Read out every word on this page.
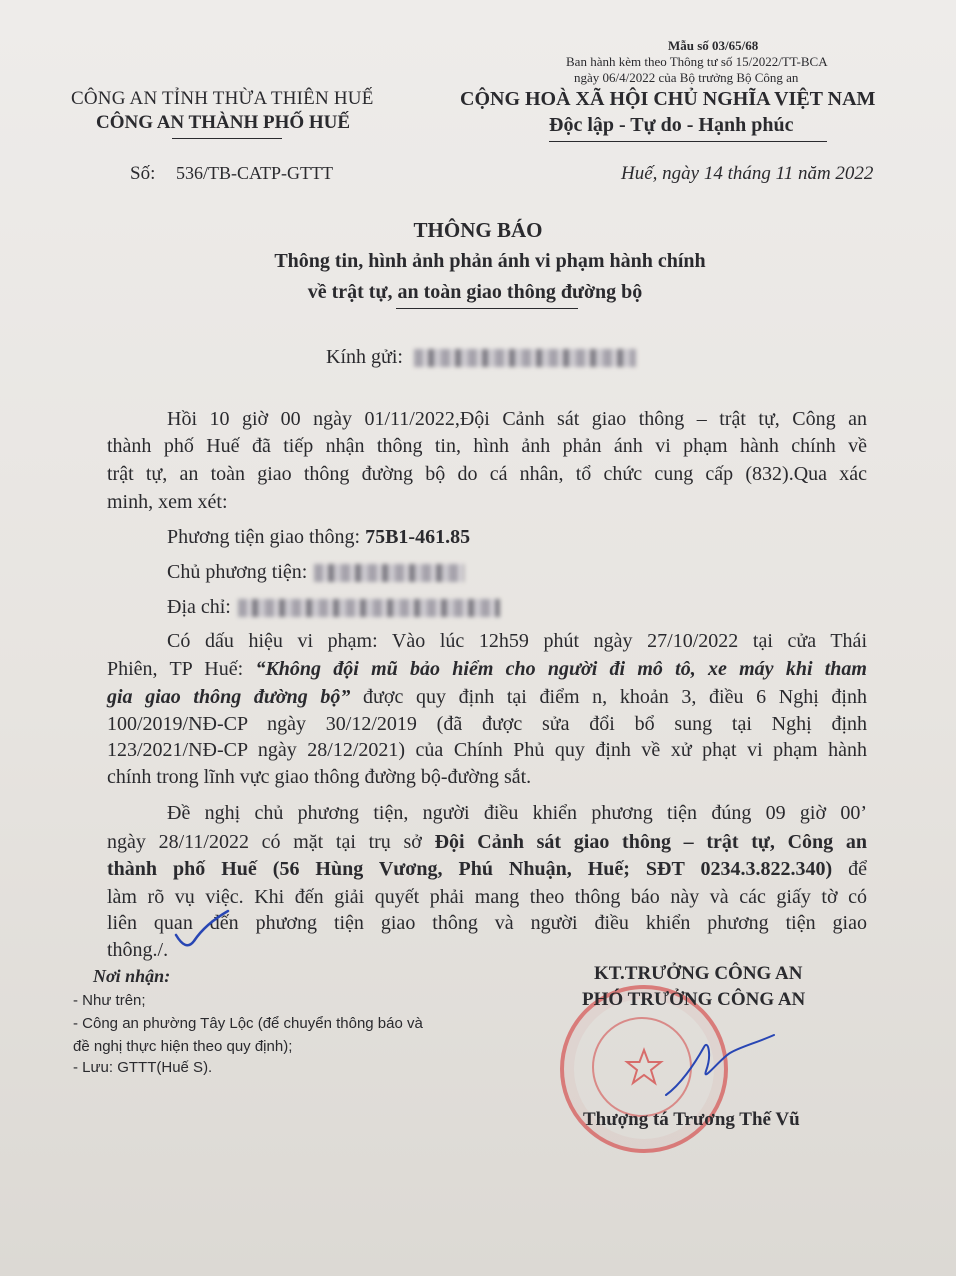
Mẫu số 03/65/68
Ban hành kèm theo Thông tư số 15/2022/TT-BCA
ngày 06/4/2022 của Bộ trưởng Bộ Công an
CÔNG AN TỈNH THỪA THIÊN HUẾ
CÔNG AN THÀNH PHỐ HUẾ
CỘNG HOÀ XÃ HỘI CHỦ NGHĨA VIỆT NAM
Độc lập - Tự do - Hạnh phúc
Số: 536/TB-CATP-GTTT	Huế, ngày 14 tháng 11 năm 2022
THÔNG BÁO
Thông tin, hình ảnh phản ánh vi phạm hành chính
về trật tự, an toàn giao thông đường bộ
Kính gửi:
Hồi 10 giờ 00 ngày 01/11/2022,Đội Cảnh sát giao thông – trật tự, Công an
thành phố Huế đã tiếp nhận thông tin, hình ảnh phản ánh vi phạm hành chính về
trật tự, an toàn giao thông đường bộ do cá nhân, tổ chức cung cấp (832).Qua xác
minh, xem xét:
Phương tiện giao thông: 75B1-461.85
Chủ phương tiện:
Địa chỉ:
Có dấu hiệu vi phạm: Vào lúc 12h59 phút ngày 27/10/2022 tại cửa Thái
Phiên, TP Huế: “Không đội mũ bảo hiểm cho người đi mô tô, xe máy khi tham
gia giao thông đường bộ” được quy định tại điểm n, khoản 3, điều 6 Nghị định
100/2019/NĐ-CP ngày 30/12/2019 (đã được sửa đổi bổ sung tại Nghị định
123/2021/NĐ-CP ngày 28/12/2021) của Chính Phủ quy định về xử phạt vi phạm hành
chính trong lĩnh vực giao thông đường bộ-đường sắt.
Đề nghị chủ phương tiện, người điều khiển phương tiện đúng 09 giờ 00’
ngày 28/11/2022 có mặt tại trụ sở Đội Cảnh sát giao thông – trật tự, Công an
thành phố Huế (56 Hùng Vương, Phú Nhuận, Huế; SĐT 0234.3.822.340) để
làm rõ vụ việc. Khi đến giải quyết phải mang theo thông báo này và các giấy tờ có
liên quan đến phương tiện giao thông và người điều khiển phương tiện giao
thông./.
Nơi nhận:
- Như trên;
- Công an phường Tây Lộc (để chuyển thông báo và
đề nghị thực hiện theo quy định);
- Lưu: GTTT(Huế S).
KT.TRƯỞNG CÔNG AN
PHÓ TRƯỞNG CÔNG AN
Thượng tá Trương Thế Vũ
